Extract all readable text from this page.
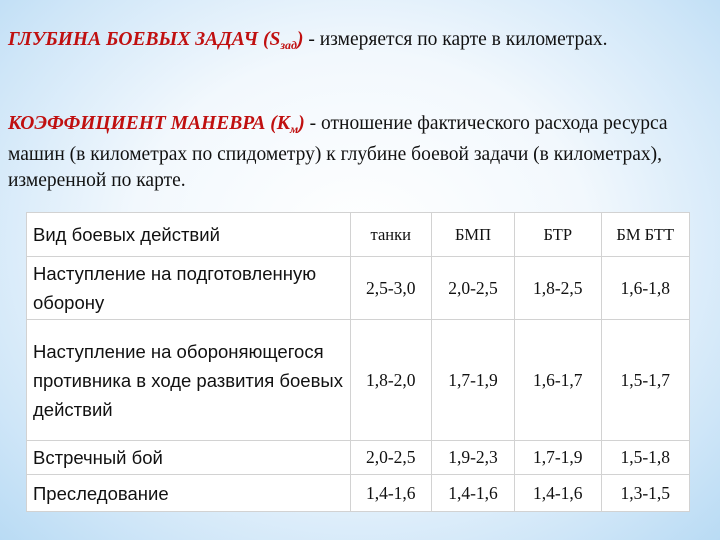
ГЛУБИНА БОЕВЫХ ЗАДАЧ $(S_{зад})$ - измеряется по карте в километрах.

КОЭФФИЦИЕНТ МАНЕВРА $(К_м)$ - отношение фактического расхода ресурса машин (в километрах по спидометру) к глубине боевой задачи (в километрах), измеренной по карте.

Вид боевых действий	танки	БМП	БТР	БМ БТТ
Наступление на подготовленную оборону	2,5-3,0	2,0-2,5	1,8-2,5	1,6-1,8
Наступление на обороняющегося противника в ходе развития боевых действий	1,8-2,0	1,7-1,9	1,6-1,7	1,5-1,7
Встречный бой	2,0-2,5	1,9-2,3	1,7-1,9	1,5-1,8
Преследование	1,4-1,6	1,4-1,6	1,4-1,6	1,3-1,5
